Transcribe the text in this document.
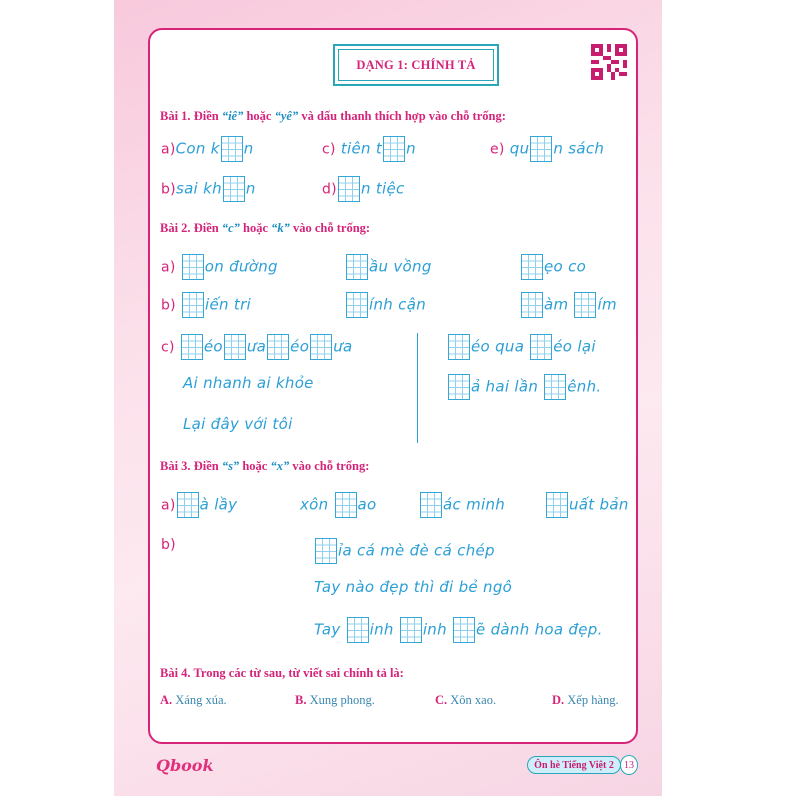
DẠNG 1: CHÍNH TẢ
Bài 1. Điền “iê” hoặc “yê” và dấu thanh thích hợp vào chỗ trống:
a)Con k n	c) tiên t n	e) qu n sách
b)sai kh n	d) n tiệc
Bài 2. Điền “c” hoặc “k” vào chỗ trống:
a) on đường	ầu vồng	ẹo co
b) iến tri	ính cận	àm ím
c) éo ưa éo ưa
Ai nhanh ai khỏe
Lại đây với tôi
éo qua éo lại
ả hai lần ênh.
Bài 3. Điền “s” hoặc “x” vào chỗ trống:
a) à lầy	xôn ao	ác minh	uất bản
b)	ỉa cá mè đè cá chép
Tay nào đẹp thì đi bẻ ngô
Tay inh inh ẽ dành hoa đẹp.
Bài 4. Trong các từ sau, từ viết sai chính tả là:
A. Xáng xúa.	B. Xung phong.	C. Xôn xao.	D. Xếp hàng.
Qbook	Ôn hè Tiếng Việt 2	13
